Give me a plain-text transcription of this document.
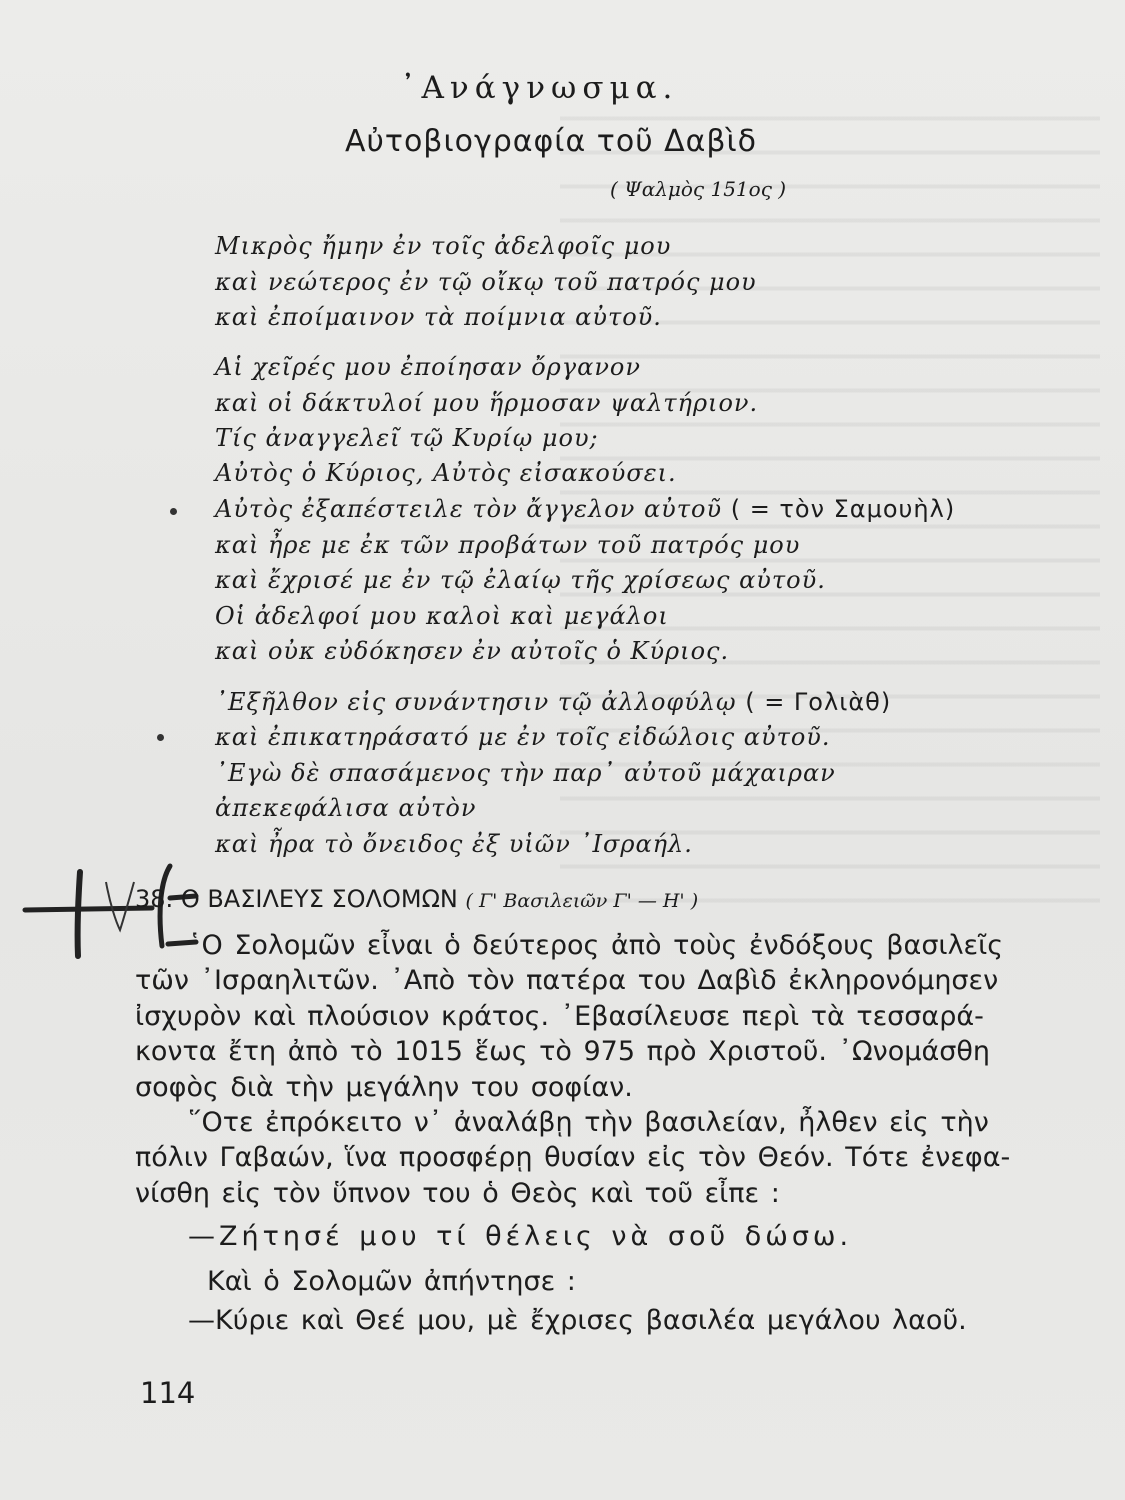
᾿Ανάγνωσμα.
Αὐτοβιογραφία τοῦ Δαβὶδ
( Ψαλμὸς 151ος )
Μικρὸς ἤμην ἐν τοῖς ἀδελφοῖς μου
καὶ νεώτερος ἐν τῷ οἴκῳ τοῦ πατρός μου
καὶ ἐποίμαινον τὰ ποίμνια αὐτοῦ.
Αἱ χεῖρές μου ἐποίησαν ὄργανον
καὶ οἱ δάκτυλοί μου ἥρμοσαν ψαλτήριον.
Τίς ἀναγγελεῖ τῷ Κυρίῳ μου;
Αὐτὸς ὁ Κύριος, Αὐτὸς εἰσακούσει.
Αὐτὸς ἐξαπέστειλε τὸν ἄγγελον αὐτοῦ ( = τὸν Σαμουὴλ)
καὶ ἦρε με ἐκ τῶν προβάτων τοῦ πατρός μου
καὶ ἔχρισέ με ἐν τῷ ἐλαίῳ τῆς χρίσεως αὐτοῦ.
Οἱ ἀδελφοί μου καλοὶ καὶ μεγάλοι
καὶ οὐκ εὐδόκησεν ἐν αὐτοῖς ὁ Κύριος.
᾿Εξῆλθον εἰς συνάντησιν τῷ ἀλλοφύλῳ ( = Γολιὰθ)
καὶ ἐπικατηράσατό με ἐν τοῖς εἰδώλοις αὐτοῦ.
᾿Εγὼ δὲ σπασάμενος τὴν παρ᾿ αὐτοῦ μάχαιραν
ἀπεκεφάλισα αὐτὸν
καὶ ἦρα τὸ ὄνειδος ἐξ υἱῶν ᾿Ισραήλ.
38. Ο ΒΑΣΙΛΕΥΣ ΣΟΛΟΜΩΝ ( Γ' Βασιλειῶν Γ' — Η' )
῾Ο Σολομῶν εἶναι ὁ δεύτερος ἀπὸ τοὺς ἐνδόξους βασιλεῖς
τῶν ᾿Ισραηλιτῶν. ᾿Απὸ τὸν πατέρα του Δαβὶδ ἐκληρονόμησεν
ἰσχυρὸν καὶ πλούσιον κράτος. ᾿Εβασίλευσε περὶ τὰ τεσσαρά-
κοντα ἔτη ἀπὸ τὸ 1015 ἕως τὸ 975 πρὸ Χριστοῦ. ᾿Ωνομάσθη
σοφὸς διὰ τὴν μεγάλην του σοφίαν.
῞Οτε ἐπρόκειτο ν᾿ ἀναλάβῃ τὴν βασιλείαν, ἦλθεν εἰς τὴν
πόλιν Γαβαών, ἵνα προσφέρῃ θυσίαν εἰς τὸν Θεόν. Τότε ἐνεφα-
νίσθη εἰς τὸν ὕπνον του ὁ Θεὸς καὶ τοῦ εἶπε :
—Ζήτησέ μου τί θέλεις νὰ σοῦ δώσω.
Καὶ ὁ Σολομῶν ἀπήντησε :
—Κύριε καὶ Θεέ μου, μὲ ἔχρισες βασιλέα μεγάλου λαοῦ.
114
